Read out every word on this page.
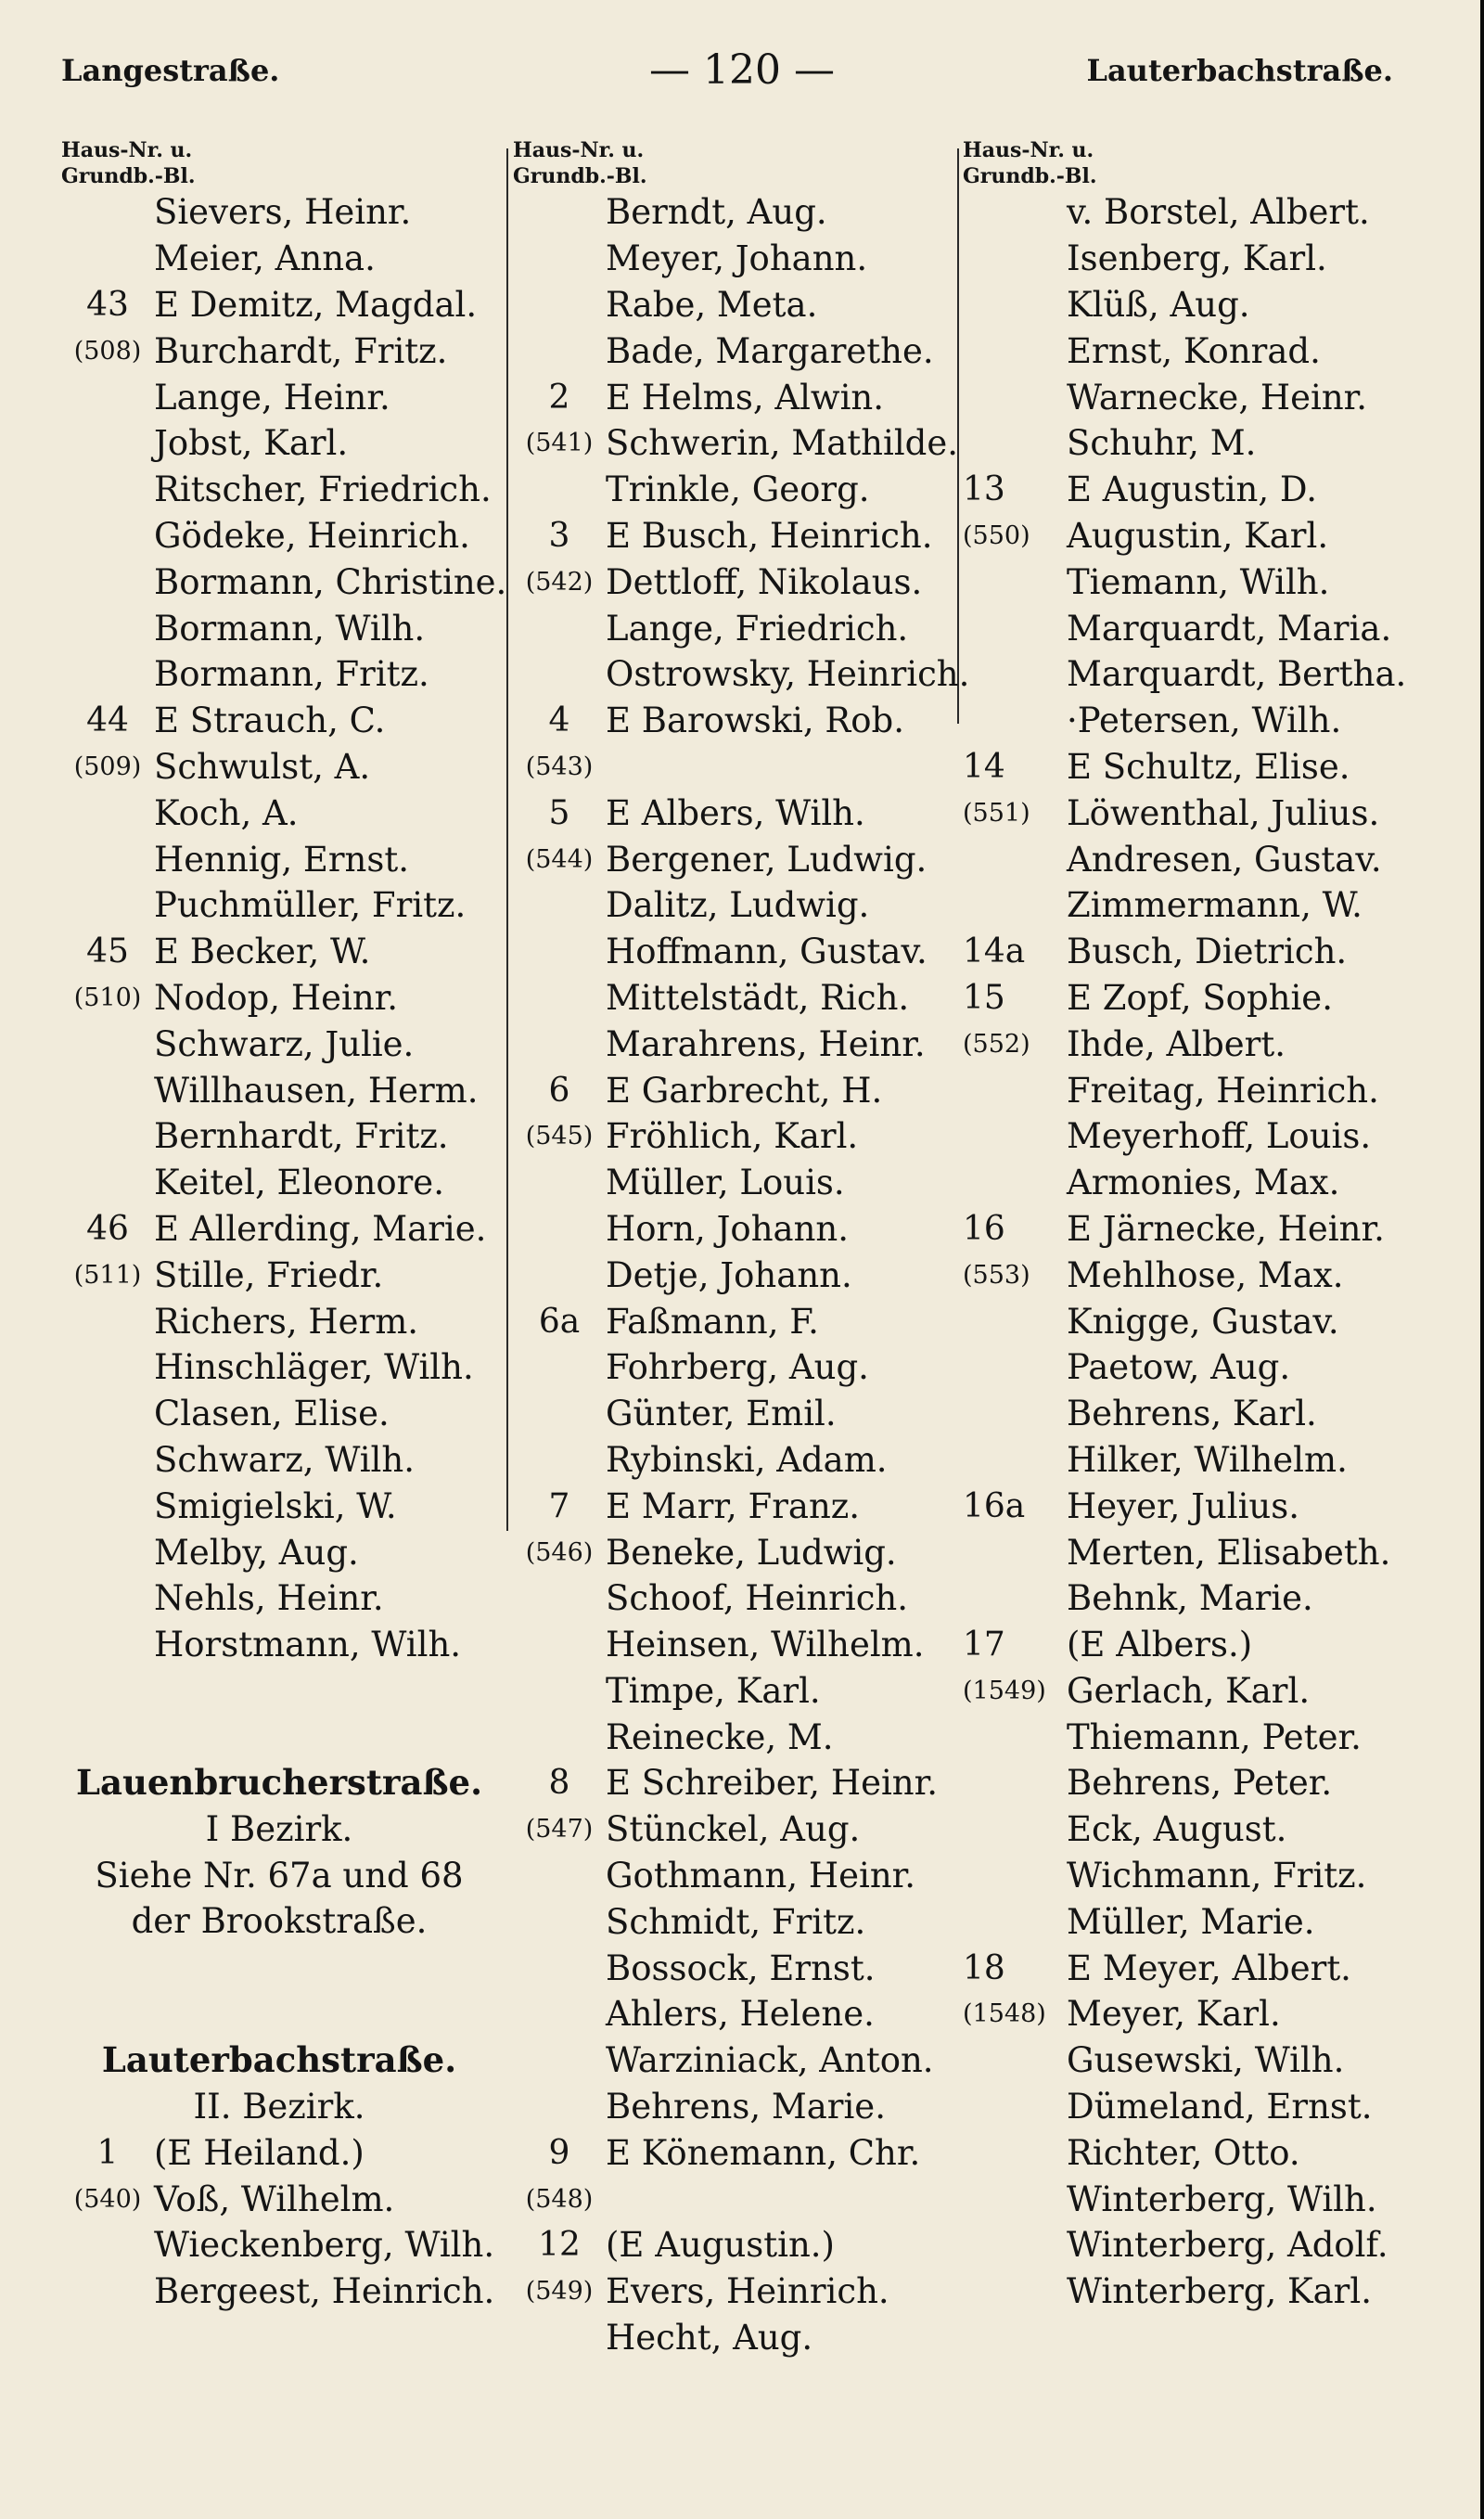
Langestraße.	— 120 —	Lauterbachstraße.
Haus-Nr. u.
Grundb.-Bl.
Sievers, Heinr.
Meier, Anna.
43 E Demitz, Magdal.
(508) Burchardt, Fritz.
Lange, Heinr.
Jobst, Karl.
Ritscher, Friedrich.
Gödeke, Heinrich.
Bormann, Christine.
Bormann, Wilh.
Bormann, Fritz.
44 E Strauch, C.
(509) Schwulst, A.
Koch, A.
Hennig, Ernst.
Puchmüller, Fritz.
45 E Becker, W.
(510) Nodop, Heinr.
Schwarz, Julie.
Willhausen, Herm.
Bernhardt, Fritz.
Keitel, Eleonore.
46 E Allerding, Marie.
(511) Stille, Friedr.
Richers, Herm.
Hinschläger, Wilh.
Clasen, Elise.
Schwarz, Wilh.
Smigielski, W.
Melby, Aug.
Nehls, Heinr.
Horstmann, Wilh.
Lauenbrucherstraße.
I Bezirk.
Siehe Nr. 67a und 68
der Brookstraße.
Lauterbachstraße.
II. Bezirk.
1	(E Heiland.)
(540) Voß, Wilhelm.
Wieckenberg, Wilh.
Bergeest, Heinrich.
Haus-Nr. u.
Grundb.-Bl.
Berndt, Aug.
Meyer, Johann.
Rabe, Meta.
Bade, Margarethe.
2	E Helms, Alwin.
(541) Schwerin, Mathilde.
Trinkle, Georg.
3	E Busch, Heinrich.
(542) Dettloff, Nikolaus.
Lange, Friedrich.
Ostrowsky, Heinrich.
4	E Barowski, Rob.
(543)
5	E Albers, Wilh.
(544) Bergener, Ludwig.
Dalitz, Ludwig.
Hoffmann, Gustav.
Mittelstädt, Rich.
Marahrens, Heinr.
6	E Garbrecht, H.
(545) Fröhlich, Karl.
Müller, Louis.
Horn, Johann.
Detje, Johann.
6a Faßmann, F.
Fohrberg, Aug.
Günter, Emil.
Rybinski, Adam.
7	E Marr, Franz.
(546) Beneke, Ludwig.
Schoof, Heinrich.
Heinsen, Wilhelm.
Timpe, Karl.
Reinecke, M.
8	E Schreiber, Heinr.
(547) Stünckel, Aug.
Gothmann, Heinr.
Schmidt, Fritz.
Bossock, Ernst.
Ahlers, Helene.
Warziniack, Anton.
Behrens, Marie.
9	E Könemann, Chr.
(548)
12 (E Augustin.)
(549) Evers, Heinrich.
Hecht, Aug.
Haus-Nr. u.
Grundb.-Bl.
v. Borstel, Albert.
Isenberg, Karl.
Klüß, Aug.
Ernst, Konrad.
Warnecke, Heinr.
Schuhr, M.
13	E Augustin, D.
(550)	Augustin, Karl.
Tiemann, Wilh.
Marquardt, Maria.
Marquardt, Bertha.
·Petersen, Wilh.
14	E Schultz, Elise.
(551)	Löwenthal, Julius.
Andresen, Gustav.
Zimmermann, W.
14a	Busch, Dietrich.
15	E Zopf, Sophie.
(552)	Ihde, Albert.
Freitag, Heinrich.
Meyerhoff, Louis.
Armonies, Max.
16	E Järnecke, Heinr.
(553)	Mehlhose, Max.
Knigge, Gustav.
Paetow, Aug.
Behrens, Karl.
Hilker, Wilhelm.
16a	Heyer, Julius.
Merten, Elisabeth.
Behnk, Marie.
17	(E Albers.)
(1549) Gerlach, Karl.
Thiemann, Peter.
Behrens, Peter.
Eck, August.
Wichmann, Fritz.
Müller, Marie.
18	E Meyer, Albert.
(1548) Meyer, Karl.
Gusewski, Wilh.
Dümeland, Ernst.
Richter, Otto.
Winterberg, Wilh.
Winterberg, Adolf.
Winterberg, Karl.
